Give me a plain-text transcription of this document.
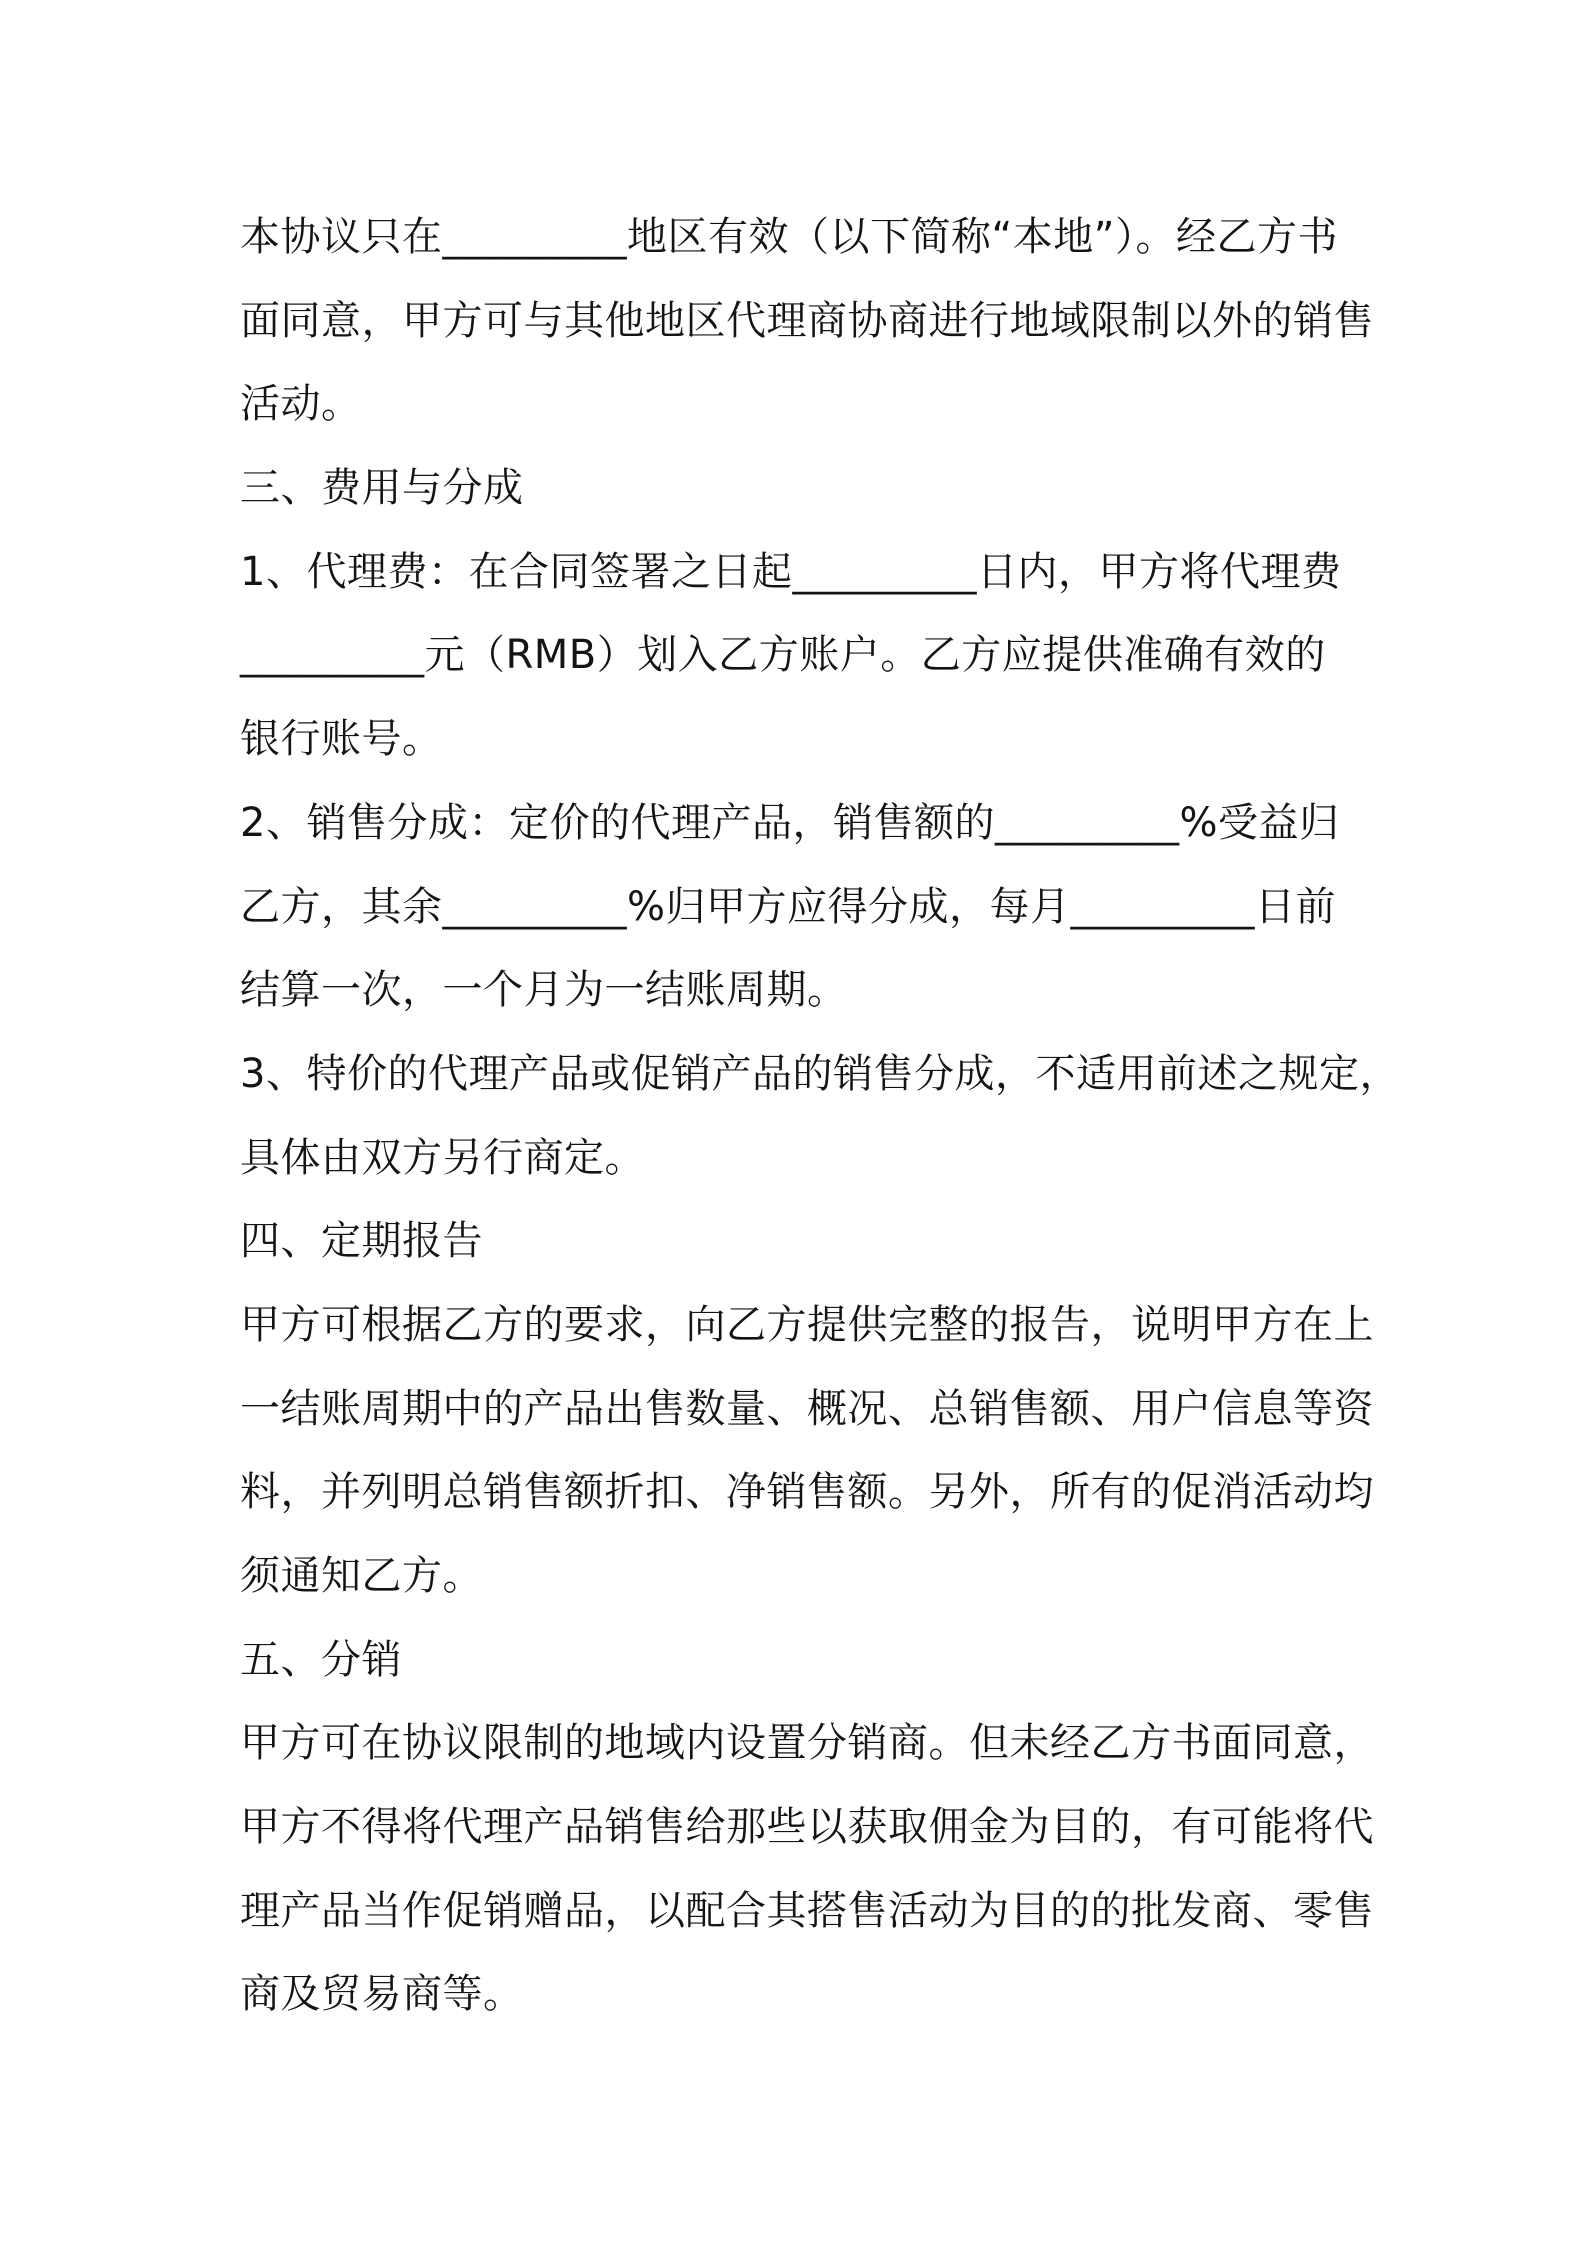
本协议只在_________地区有效（以下简称“本地”）。经乙方书
面同意，甲方可与其他地区代理商协商进行地域限制以外的销售
活动。
三、费用与分成
1、代理费：在合同签署之日起_________日内，甲方将代理费
_________元（RMB）划入乙方账户。乙方应提供准确有效的
银行账号。
2、销售分成：定价的代理产品，销售额的_________%受益归
乙方，其余_________%归甲方应得分成，每月_________日前
结算一次，一个月为一结账周期。
3、特价的代理产品或促销产品的销售分成，不适用前述之规定，
具体由双方另行商定。
四、定期报告
甲方可根据乙方的要求，向乙方提供完整的报告，说明甲方在上
一结账周期中的产品出售数量、概况、总销售额、用户信息等资
料，并列明总销售额折扣、净销售额。另外，所有的促消活动均
须通知乙方。
五、分销
甲方可在协议限制的地域内设置分销商。但未经乙方书面同意，
甲方不得将代理产品销售给那些以获取佣金为目的，有可能将代
理产品当作促销赠品，以配合其搭售活动为目的的批发商、零售
商及贸易商等。
